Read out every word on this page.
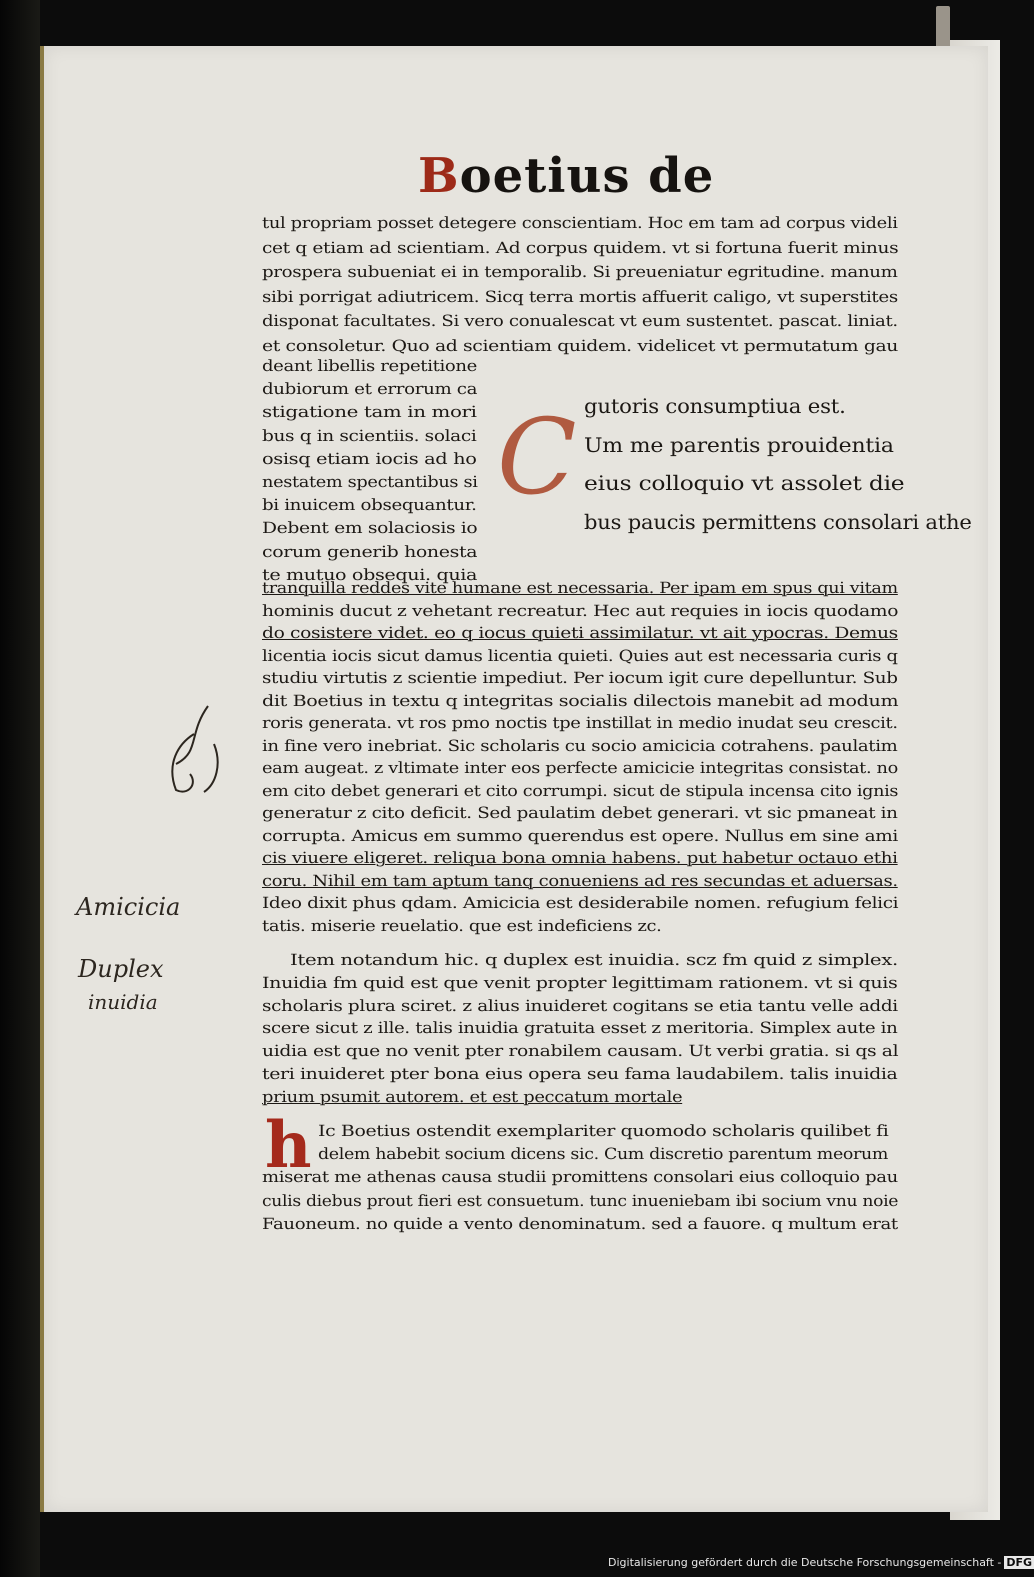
Boetius de
tul propriam posset detegere conscientiam. Hoc em tam ad corpus videli
cet q etiam ad scientiam. Ad corpus quidem. vt si fortuna fuerit minus
prospera subueniat ei in temporalib. Si preueniatur egritudine. manum
sibi porrigat adiutricem. Sicq terra mortis affuerit caligo, vt superstites
disponat facultates. Si vero conualescat vt eum sustentet. pascat. liniat.
et consoletur. Quo ad scientiam quidem. videlicet vt permutatum gau
deant libellis repetitione
dubiorum et errorum ca
stigatione tam in mori
bus q in scientiis. solaci
osisq etiam iocis ad ho
nestatem spectantibus si
bi inuicem obsequantur.
Debent em solaciosis io
corum generib honesta
te mutuo obsequi. quia
C gutoris consumptiua est.
Um me parentis prouidentia
eius colloquio vt assolet die
bus paucis permittens consolari athe
tranquilla reddes vite humane est necessaria. Per ipam em spus qui vitam
hominis ducut z vehetant recreatur. Hec aut requies in iocis quodamo
do cosistere videt. eo q iocus quieti assimilatur. vt ait ypocras. Demus
licentia iocis sicut damus licentia quieti. Quies aut est necessaria curis q
studiu virtutis z scientie impediut. Per iocum igit cure depelluntur. Sub
dit Boetius in textu q integritas socialis dilectois manebit ad modum
roris generata. vt ros pmo noctis tpe instillat in medio inudat seu crescit.
in fine vero inebriat. Sic scholaris cu socio amicicia cotrahens. paulatim
eam augeat. z vltimate inter eos perfecte amicicie integritas consistat. no
em cito debet generari et cito corrumpi. sicut de stipula incensa cito ignis
generatur z cito deficit. Sed paulatim debet generari. vt sic pmaneat in
corrupta. Amicus em summo querendus est opere. Nullus em sine ami
cis viuere eligeret. reliqua bona omnia habens. put habetur octauo ethi
coru. Nihil em tam aptum tanq conueniens ad res secundas et aduersas.
Ideo dixit phus qdam. Amicicia est desiderabile nomen. refugium felici
tatis. miserie reuelatio. que est indeficiens zc.
Item notandum hic. q duplex est inuidia. scz fm quid z simplex.
Inuidia fm quid est que venit propter legittimam rationem. vt si quis
scholaris plura sciret. z alius inuideret cogitans se etia tantu velle addi
scere sicut z ille. talis inuidia gratuita esset z meritoria. Simplex aute in
uidia est que no venit pter ronabilem causam. Ut verbi gratia. si qs al
teri inuideret pter bona eius opera seu fama laudabilem. talis inuidia
prium psumit autorem. et est peccatum mortale
h Ic Boetius ostendit exemplariter quomodo scholaris quilibet fi
delem habebit socium dicens sic. Cum discretio parentum meorum
miserat me athenas causa studii promittens consolari eius colloquio pau
culis diebus prout fieri est consuetum. tunc inueniebam ibi socium vnu noie
Fauoneum. no quide a vento denominatum. sed a fauore. q multum erat
Amicicia
Duplex
inuidia
Digitalisierung gefördert durch die Deutsche Forschungsgemeinschaft - DFG
